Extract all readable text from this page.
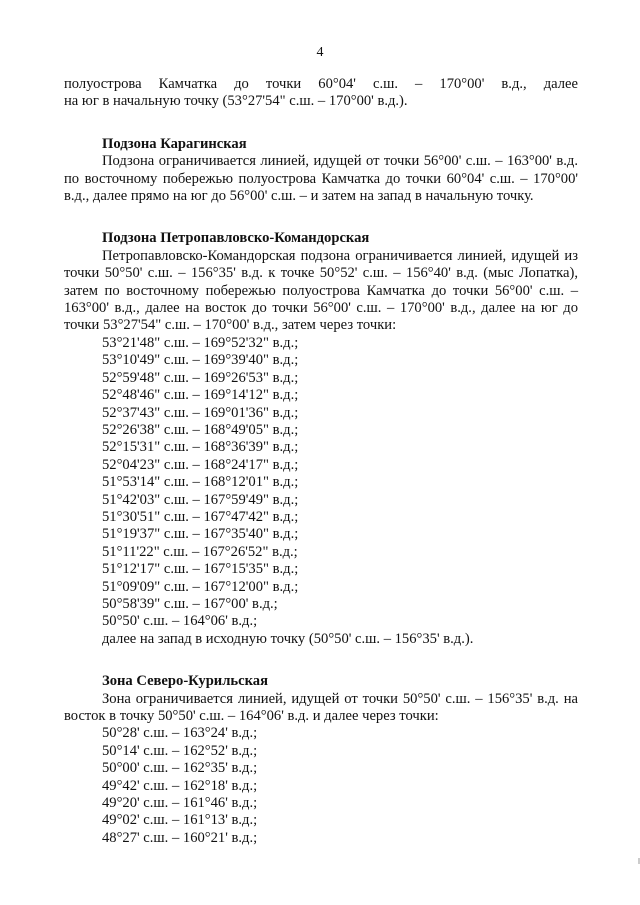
4

полуострова Камчатка до точки 60°04' с.ш. – 170°00' в.д., далее

на юг в начальную точку (53°27'54" с.ш. – 170°00' в.д.).

Подзона Карагинская

Подзона ограничивается линией, идущей от точки 56°00' с.ш. – 163°00' в.д. по восточному побережью полуострова Камчатка до точки 60°04' с.ш. – 170°00' в.д., далее прямо на юг до 56°00' с.ш. – и затем на запад в начальную точку.

Подзона Петропавловско-Командорская

Петропавловско-Командорская подзона ограничивается линией, идущей из точки 50°50' с.ш. – 156°35' в.д. к точке 50°52' с.ш. – 156°40' в.д. (мыс Лопатка), затем по восточному побережью полуострова Камчатка до точки 56°00' с.ш. – 163°00' в.д., далее на восток до точки 56°00' с.ш. – 170°00' в.д., далее на юг до точки 53°27'54" с.ш. – 170°00' в.д., затем через точки:

53°21'48" с.ш. – 169°52'32" в.д.;
53°10'49" с.ш. – 169°39'40" в.д.;
52°59'48" с.ш. – 169°26'53" в.д.;
52°48'46" с.ш. – 169°14'12" в.д.;
52°37'43" с.ш. – 169°01'36" в.д.;
52°26'38" с.ш. – 168°49'05" в.д.;
52°15'31" с.ш. – 168°36'39" в.д.;
52°04'23" с.ш. – 168°24'17" в.д.;
51°53'14" с.ш. – 168°12'01" в.д.;
51°42'03" с.ш. – 167°59'49" в.д.;
51°30'51" с.ш. – 167°47'42" в.д.;
51°19'37" с.ш. – 167°35'40" в.д.;
51°11'22" с.ш. – 167°26'52" в.д.;
51°12'17" с.ш. – 167°15'35" в.д.;
51°09'09" с.ш. – 167°12'00" в.д.;
50°58'39" с.ш. – 167°00' в.д.;
50°50' с.ш. – 164°06' в.д.;

далее на запад в исходную точку (50°50' с.ш. – 156°35' в.д.).

Зона Северо-Курильская

Зона ограничивается линией, идущей от точки 50°50' с.ш. – 156°35' в.д. на восток в точку 50°50' с.ш. – 164°06' в.д. и далее через точки:

50°28' с.ш. – 163°24' в.д.;
50°14' с.ш. – 162°52' в.д.;
50°00' с.ш. – 162°35' в.д.;
49°42' с.ш. – 162°18' в.д.;
49°20' с.ш. – 161°46' в.д.;
49°02' с.ш. – 161°13' в.д.;
48°27' с.ш. – 160°21' в.д.;
